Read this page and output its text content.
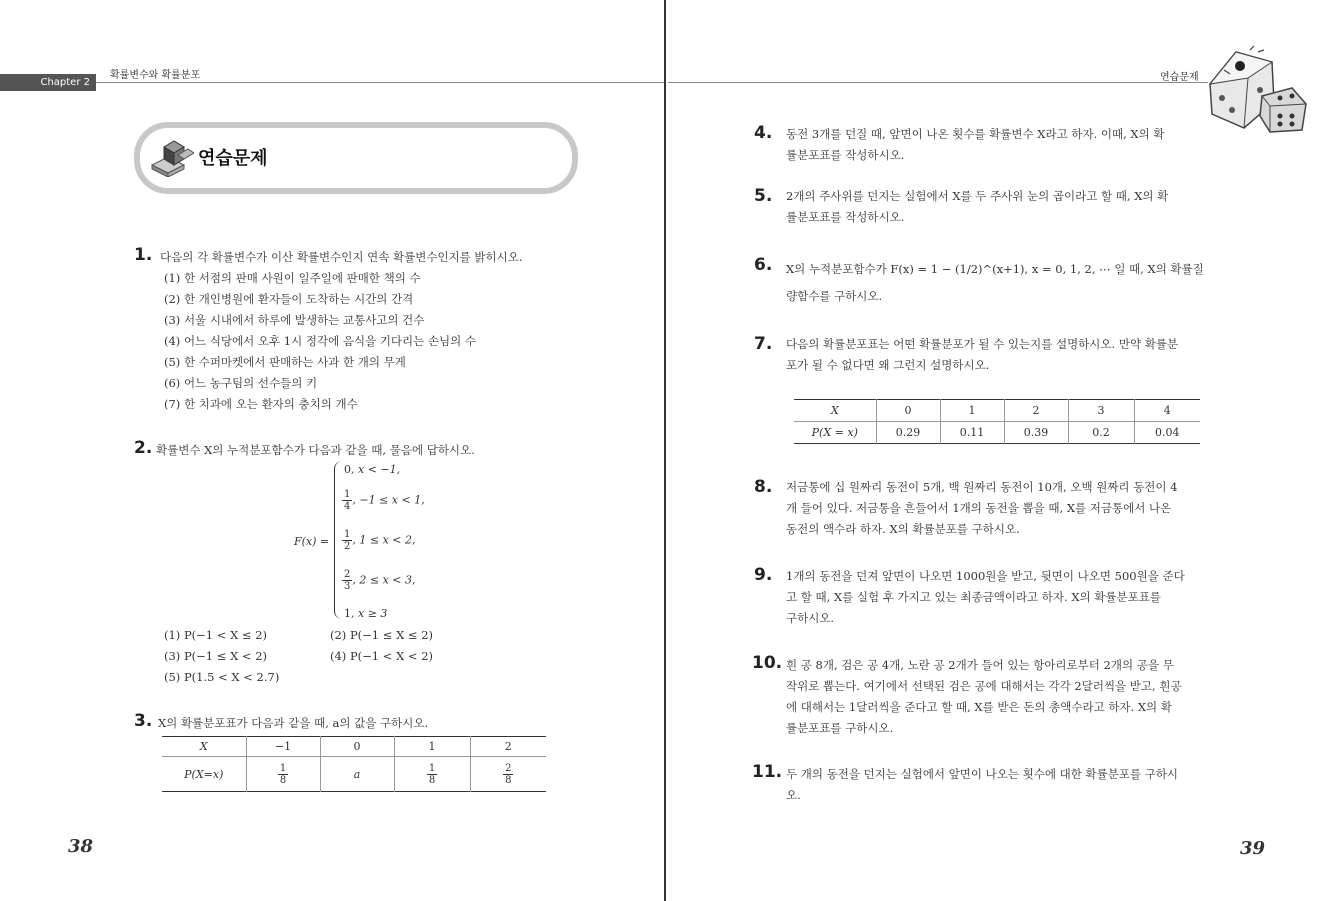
Chapter 2
확률변수와 확률분포	연습문제
연습문제
1. 다음의 각 확률변수가 이산 확률변수인지 연속 확률변수인지를 밝히시오.
(1) 한 서점의 판매 사원이 일주일에 판매한 책의 수
(2) 한 개인병원에 환자들이 도착하는 시간의 간격
(3) 서울 시내에서 하루에 발생하는 교통사고의 건수
(4) 어느 식당에서 오후 1시 정각에 음식을 기다리는 손님의 수
(5) 한 수퍼마켓에서 판매하는 사과 한 개의 무게
(6) 어느 농구팀의 선수들의 키
(7) 한 치과에 오는 환자의 충치의 개수
2. 확률변수 X의 누적분포함수가 다음과 같을 때, 물음에 답하시오.
F(x) =
0, x < −1,
$\frac{1}{4}$ , −1 ≤ x < 1,
$\frac{1}{2}$ , 1 ≤ x < 2,
$\frac{2}{3}$ , 2 ≤ x < 3,
1, x ≥ 3
(1) P(−1 < X ≤ 2)	(2) P(−1 ≤ X ≤ 2)
(3) P(−1 ≤ X < 2)	(4) P(−1 < X < 2)
(5) P(1.5 < X < 2.7)
3. X의 확률분포표가 다음과 같을 때, a의 값을 구하시오.
X	−1	0	1	2
P(X=x)	$\frac{1}{8}$	a	$\frac{1}{8}$	$\frac{2}{8}$
38
4. 동전 3개를 던질 때, 앞면이 나온 횟수를 확률변수 X라고 하자. 이때, X의 확
률분포표를 작성하시오.
5. 2개의 주사위를 던지는 실험에서 X를 두 주사위 눈의 곱이라고 할 때, X의 확
률분포표를 작성하시오.
6. X의 누적분포함수가 F(x) = 1 − (1/2)^(x+1), x = 0, 1, 2, ⋯ 일 때, X의 확률질
량함수를 구하시오.
7. 다음의 확률분포표는 어떤 확률분포가 될 수 있는지를 설명하시오. 만약 확률분
포가 될 수 없다면 왜 그런지 설명하시오.
X	0	1	2	3	4
P(X = x)	0.29	0.11	0.39	0.2	0.04
8. 저금통에 십 원짜리 동전이 5개, 백 원짜리 동전이 10개, 오백 원짜리 동전이 4
개 들어 있다. 저금통을 흔들어서 1개의 동전을 뽑을 때, X를 저금통에서 나온
동전의 액수라 하자. X의 확률분포를 구하시오.
9. 1개의 동전을 던져 앞면이 나오면 1000원을 받고, 뒷면이 나오면 500원을 준다
고 할 때, X를 실험 후 가지고 있는 최종금액이라고 하자. X의 확률분포표를
구하시오.
10. 흰 공 8개, 검은 공 4개, 노란 공 2개가 들어 있는 항아리로부터 2개의 공을 무
작위로 뽑는다. 여기에서 선택된 검은 공에 대해서는 각각 2달러씩을 받고, 흰공
에 대해서는 1달러씩을 준다고 할 때, X를 받은 돈의 총액수라고 하자. X의 확
률분포표를 구하시오.
11. 두 개의 동전을 던지는 실험에서 앞면이 나오는 횟수에 대한 확률분포를 구하시
오.
39
